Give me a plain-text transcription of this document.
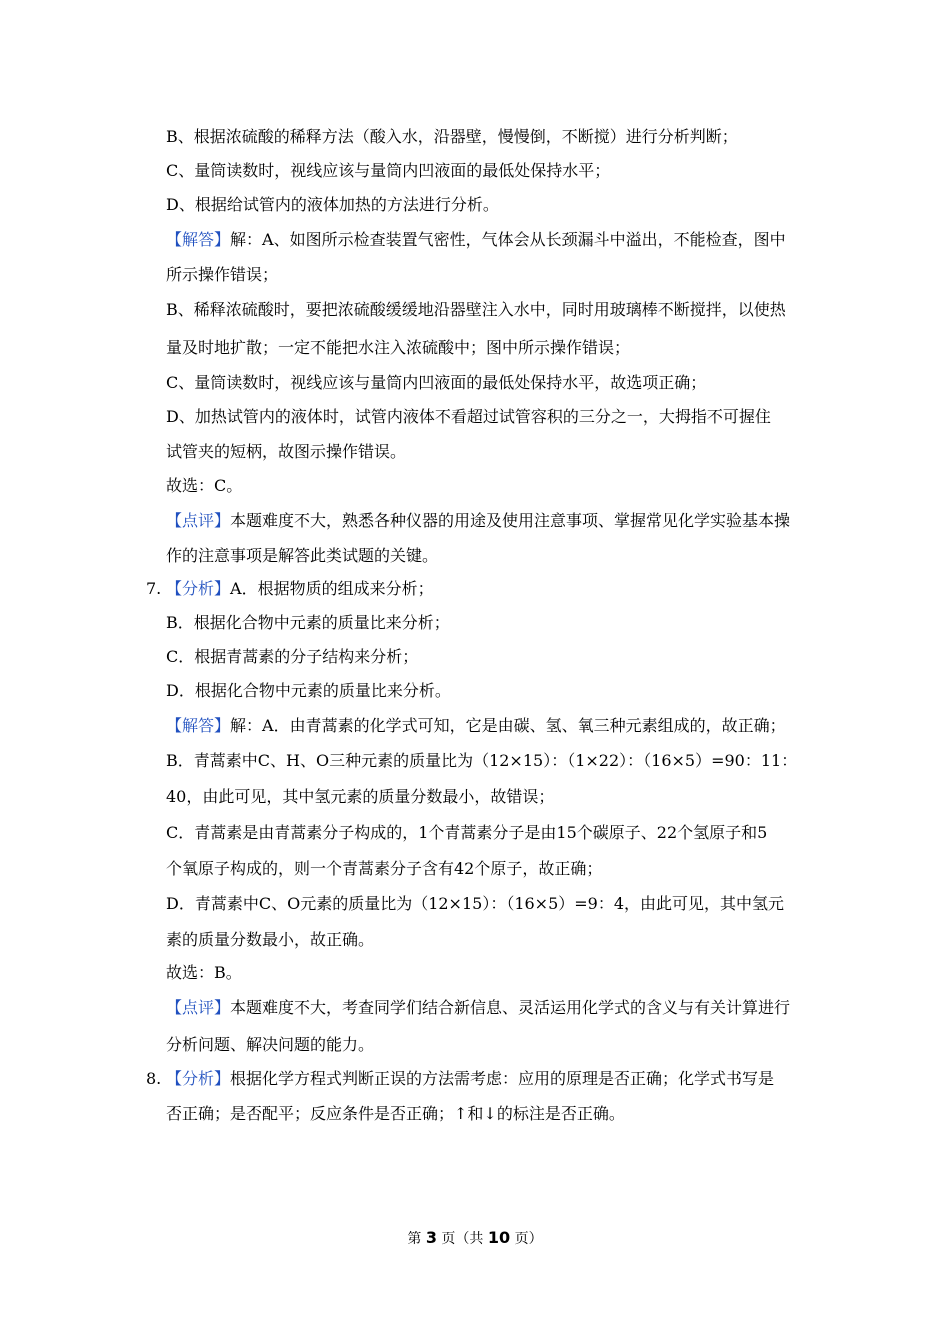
B、根据浓硫酸的稀释方法（酸入水，沿器壁，慢慢倒，不断搅）进行分析判断；
C、量筒读数时，视线应该与量筒内凹液面的最低处保持水平；
D、根据给试管内的液体加热的方法进行分析。
【解答】解：A、如图所示检查装置气密性，气体会从长颈漏斗中溢出，不能检查，图中
所示操作错误；
B、稀释浓硫酸时，要把浓硫酸缓缓地沿器壁注入水中，同时用玻璃棒不断搅拌，以使热
量及时地扩散；一定不能把水注入浓硫酸中；图中所示操作错误；
C、量筒读数时，视线应该与量筒内凹液面的最低处保持水平，故选项正确；
D、加热试管内的液体时，试管内液体不看超过试管容积的三分之一，大拇指不可握住
试管夹的短柄，故图示操作错误。
故选：C。
【点评】本题难度不大，熟悉各种仪器的用途及使用注意事项、掌握常见化学实验基本操
作的注意事项是解答此类试题的关键。
7. 【分析】A．根据物质的组成来分析；
B．根据化合物中元素的质量比来分析；
C．根据青蒿素的分子结构来分析；
D．根据化合物中元素的质量比来分析。
【解答】解：A．由青蒿素的化学式可知，它是由碳、氢、氧三种元素组成的，故正确；
B．青蒿素中C、H、O三种元素的质量比为（12×15）：（1×22）：（16×5）=90：11：
40，由此可见，其中氢元素的质量分数最小，故错误；
C．青蒿素是由青蒿素分子构成的，1个青蒿素分子是由15个碳原子、22个氢原子和5
个氧原子构成的，则一个青蒿素分子含有42个原子，故正确；
D．青蒿素中C、O元素的质量比为（12×15）：（16×5）=9：4，由此可见，其中氢元
素的质量分数最小，故正确。
故选：B。
【点评】本题难度不大，考查同学们结合新信息、灵活运用化学式的含义与有关计算进行
分析问题、解决问题的能力。
8. 【分析】根据化学方程式判断正误的方法需考虑：应用的原理是否正确；化学式书写是
否正确；是否配平；反应条件是否正确；↑和↓的标注是否正确。
第 3 页（共 10 页）
